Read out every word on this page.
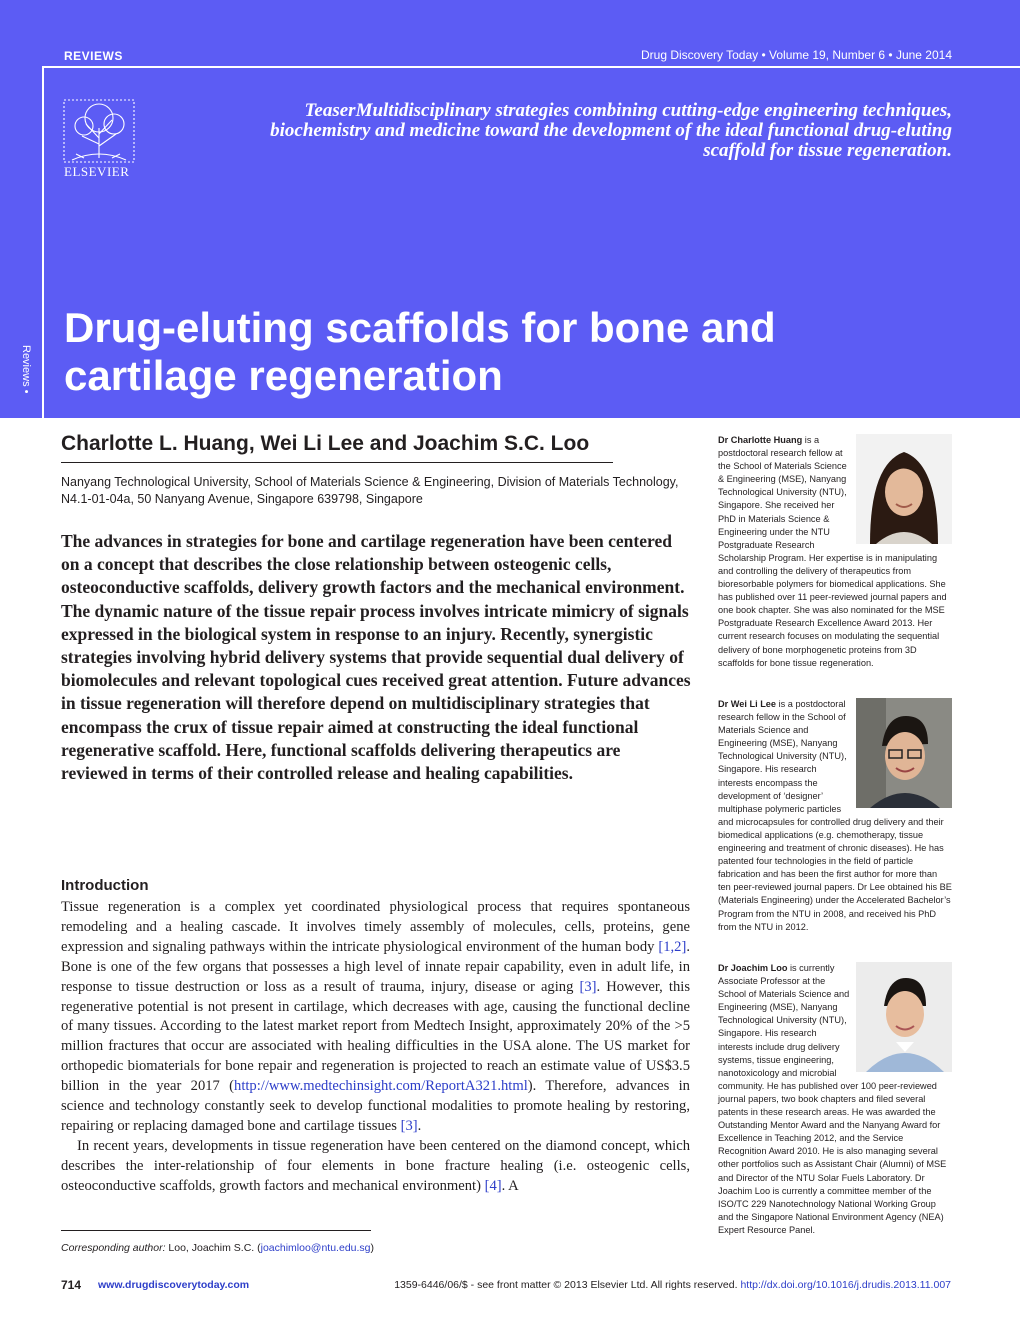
REVIEWS	Drug Discovery Today • Volume 19, Number 6 • June 2014
Reviews •
ELSEVIER
TeaserMultidisciplinary strategies combining cutting-edge engineering techniques, biochemistry and medicine toward the development of the ideal functional drug-eluting scaffold for tissue regeneration.
Drug-eluting scaffolds for bone and cartilage regeneration
Charlotte L. Huang, Wei Li Lee and Joachim S.C. Loo
Nanyang Technological University, School of Materials Science & Engineering, Division of Materials Technology, N4.1-01-04a, 50 Nanyang Avenue, Singapore 639798, Singapore
The advances in strategies for bone and cartilage regeneration have been centered on a concept that describes the close relationship between osteogenic cells, osteoconductive scaffolds, delivery growth factors and the mechanical environment. The dynamic nature of the tissue repair process involves intricate mimicry of signals expressed in the biological system in response to an injury. Recently, synergistic strategies involving hybrid delivery systems that provide sequential dual delivery of biomolecules and relevant topological cues received great attention. Future advances in tissue regeneration will therefore depend on multidisciplinary strategies that encompass the crux of tissue repair aimed at constructing the ideal functional regenerative scaffold. Here, functional scaffolds delivering therapeutics are reviewed in terms of their controlled release and healing capabilities.
Introduction

Tissue regeneration is a complex yet coordinated physiological process that requires spontaneous remodeling and a healing cascade. It involves timely assembly of molecules, cells, proteins, gene expression and signaling pathways within the intricate physiological environment of the human body [1,2]. Bone is one of the few organs that possesses a high level of innate repair capability, even in adult life, in response to tissue destruction or loss as a result of trauma, injury, disease or aging [3]. However, this regenerative potential is not present in cartilage, which decreases with age, causing the functional decline of many tissues. According to the latest market report from Medtech Insight, approximately 20% of the >5 million fractures that occur are associated with healing difficulties in the USA alone. The US market for orthopedic biomaterials for bone repair and regeneration is projected to reach an estimate value of US$3.5 billion in the year 2017 (http://www.medtechinsight.com/ReportA321.html). Therefore, advances in science and technology constantly seek to develop functional modalities to promote healing by restoring, repairing or replacing damaged bone and cartilage tissues [3].

In recent years, developments in tissue regeneration have been centered on the diamond concept, which describes the inter-relationship of four elements in bone fracture healing (i.e. osteogenic cells, osteoconductive scaffolds, growth factors and mechanical environment) [4]. A

Corresponding author: Loo, Joachim S.C. (joachimloo@ntu.edu.sg)
714 www.drugdiscoverytoday.com	1359-6446/06/$ - see front matter © 2013 Elsevier Ltd. All rights reserved. http://dx.doi.org/10.1016/j.drudis.2013.11.007
Dr Charlotte Huang is a postdoctoral research fellow at the School of Materials Science & Engineering (MSE), Nanyang Technological University (NTU), Singapore. She received her PhD in Materials Science & Engineering under the NTU Postgraduate Research Scholarship Program. Her expertise is in manipulating and controlling the delivery of therapeutics from bioresorbable polymers for biomedical applications. She has published over 11 peer-reviewed journal papers and one book chapter. She was also nominated for the MSE Postgraduate Research Excellence Award 2013. Her current research focuses on modulating the sequential delivery of bone morphogenetic proteins from 3D scaffolds for bone tissue regeneration.
Dr Wei Li Lee is a postdoctoral research fellow in the School of Materials Science and Engineering (MSE), Nanyang Technological University (NTU), Singapore. His research interests encompass the development of ‘designer’ multiphase polymeric particles and microcapsules for controlled drug delivery and their biomedical applications (e.g. chemotherapy, tissue engineering and treatment of chronic diseases). He has patented four technologies in the field of particle fabrication and has been the first author for more than ten peer-reviewed journal papers. Dr Lee obtained his BE (Materials Engineering) under the Accelerated Bachelor’s Program from the NTU in 2008, and received his PhD from the NTU in 2012.
Dr Joachim Loo is currently Associate Professor at the School of Materials Science and Engineering (MSE), Nanyang Technological University (NTU), Singapore. His research interests include drug delivery systems, tissue engineering, nanotoxicology and microbial community. He has published over 100 peer-reviewed journal papers, two book chapters and filed several patents in these research areas. He was awarded the Outstanding Mentor Award and the Nanyang Award for Excellence in Teaching 2012, and the Service Recognition Award 2010. He is also managing several other portfolios such as Assistant Chair (Alumni) of MSE and Director of the NTU Solar Fuels Laboratory. Dr Joachim Loo is currently a committee member of the ISO/TC 229 Nanotechnology National Working Group and the Singapore National Environment Agency (NEA) Expert Resource Panel.
